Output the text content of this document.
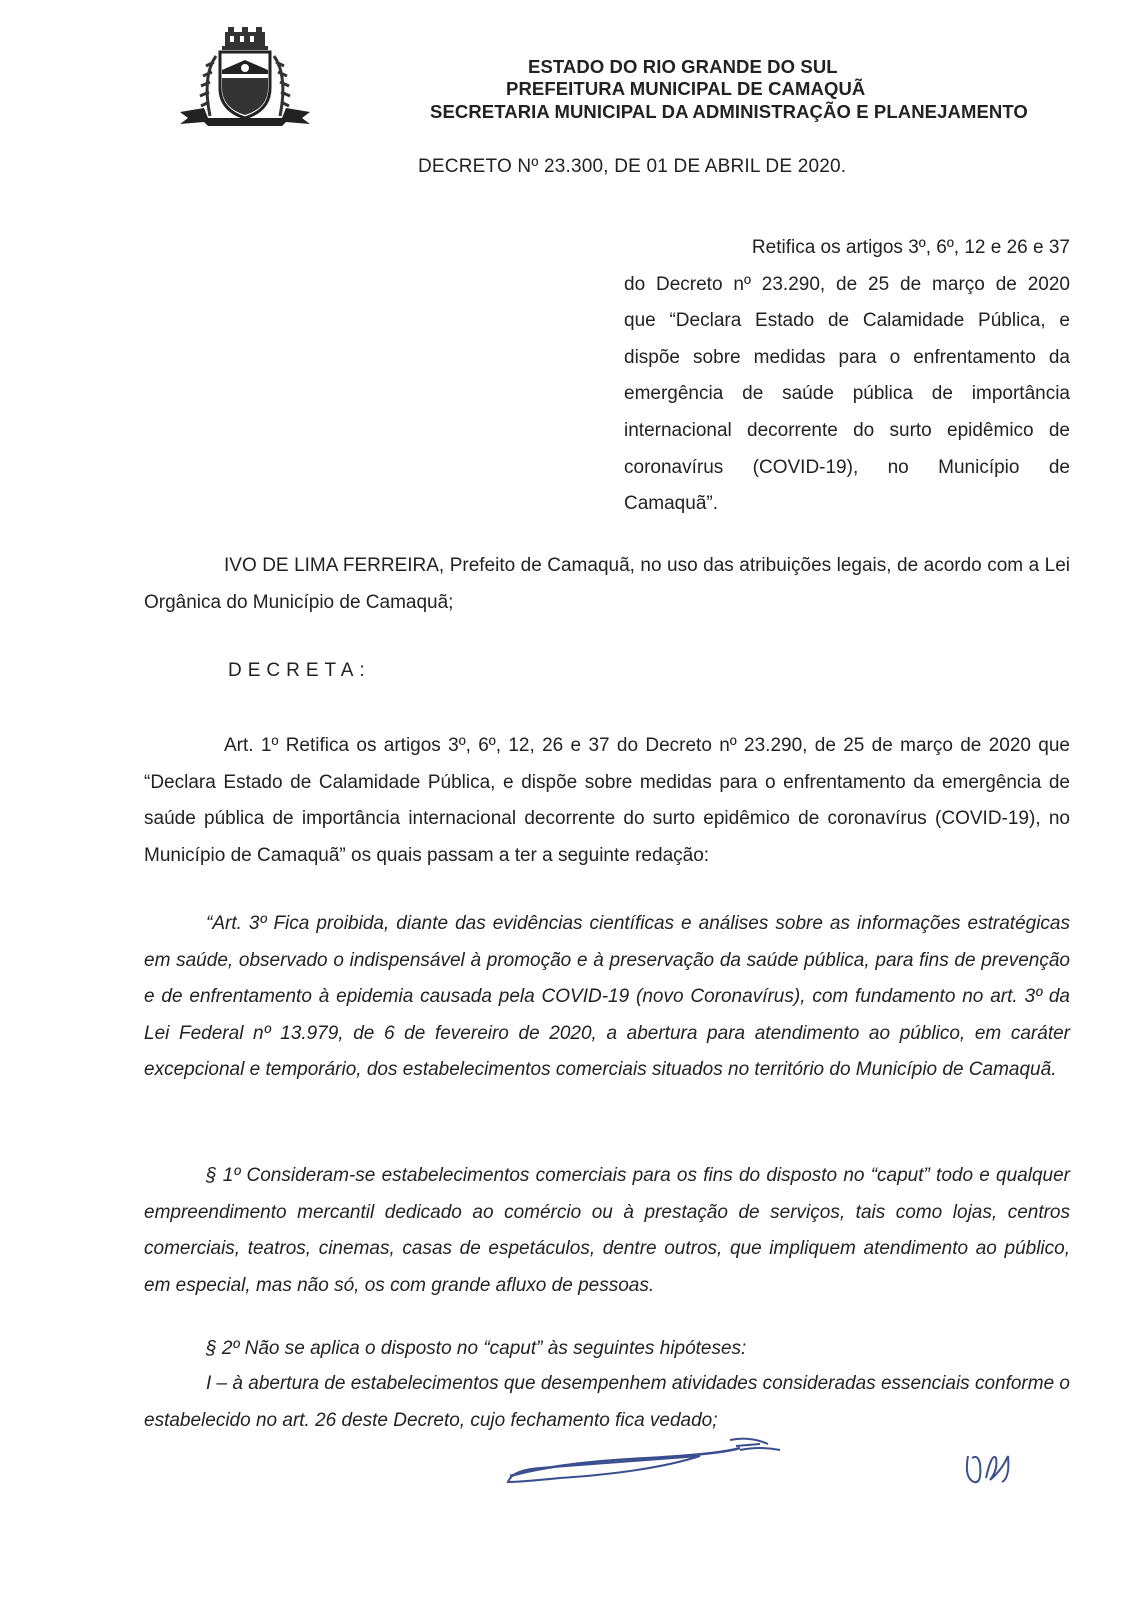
ESTADO DO RIO GRANDE DO SUL
PREFEITURA MUNICIPAL DE CAMAQUÃ
SECRETARIA MUNICIPAL DA ADMINISTRAÇÃO E PLANEJAMENTO
DECRETO Nº 23.300, DE 01 DE ABRIL DE 2020.

Retifica os artigos 3º, 6º, 12 e 26 e 37

do Decreto nº 23.290, de 25 de março de 2020

que “Declara Estado de Calamidade Pública, e

dispõe sobre medidas para o enfrentamento da

emergência de saúde pública de importância

internacional decorrente do surto epidêmico de

coronavírus (COVID-19), no Município de

Camaquã”.

IVO DE LIMA FERREIRA, Prefeito de Camaquã, no uso das atribuições legais, de acordo com a Lei Orgânica do Município de Camaquã;
DECRETA:
Art. 1º Retifica os artigos 3º, 6º, 12, 26 e 37 do Decreto nº 23.290, de 25 de março de 2020 que “Declara Estado de Calamidade Pública, e dispõe sobre medidas para o enfrentamento da emergência de saúde pública de importância internacional decorrente do surto epidêmico de coronavírus (COVID-19), no Município de Camaquã” os quais passam a ter a seguinte redação:
“Art. 3º Fica proibida, diante das evidências científicas e análises sobre as informações estratégicas em saúde, observado o indispensável à promoção e à preservação da saúde pública, para fins de prevenção e de enfrentamento à epidemia causada pela COVID-19 (novo Coronavírus), com fundamento no art. 3º da Lei Federal nº 13.979, de 6 de fevereiro de 2020, a abertura para atendimento ao público, em caráter excepcional e temporário, dos estabelecimentos comerciais situados no território do Município de Camaquã.
§ 1º Consideram-se estabelecimentos comerciais para os fins do disposto no “caput” todo e qualquer empreendimento mercantil dedicado ao comércio ou à prestação de serviços, tais como lojas, centros comerciais, teatros, cinemas, casas de espetáculos, dentre outros, que impliquem atendimento ao público, em especial, mas não só, os com grande afluxo de pessoas.
§ 2º Não se aplica o disposto no “caput” às seguintes hipóteses:
I – à abertura de estabelecimentos que desempenhem atividades consideradas essenciais conforme o estabelecido no art. 26 deste Decreto, cujo fechamento fica vedado;
